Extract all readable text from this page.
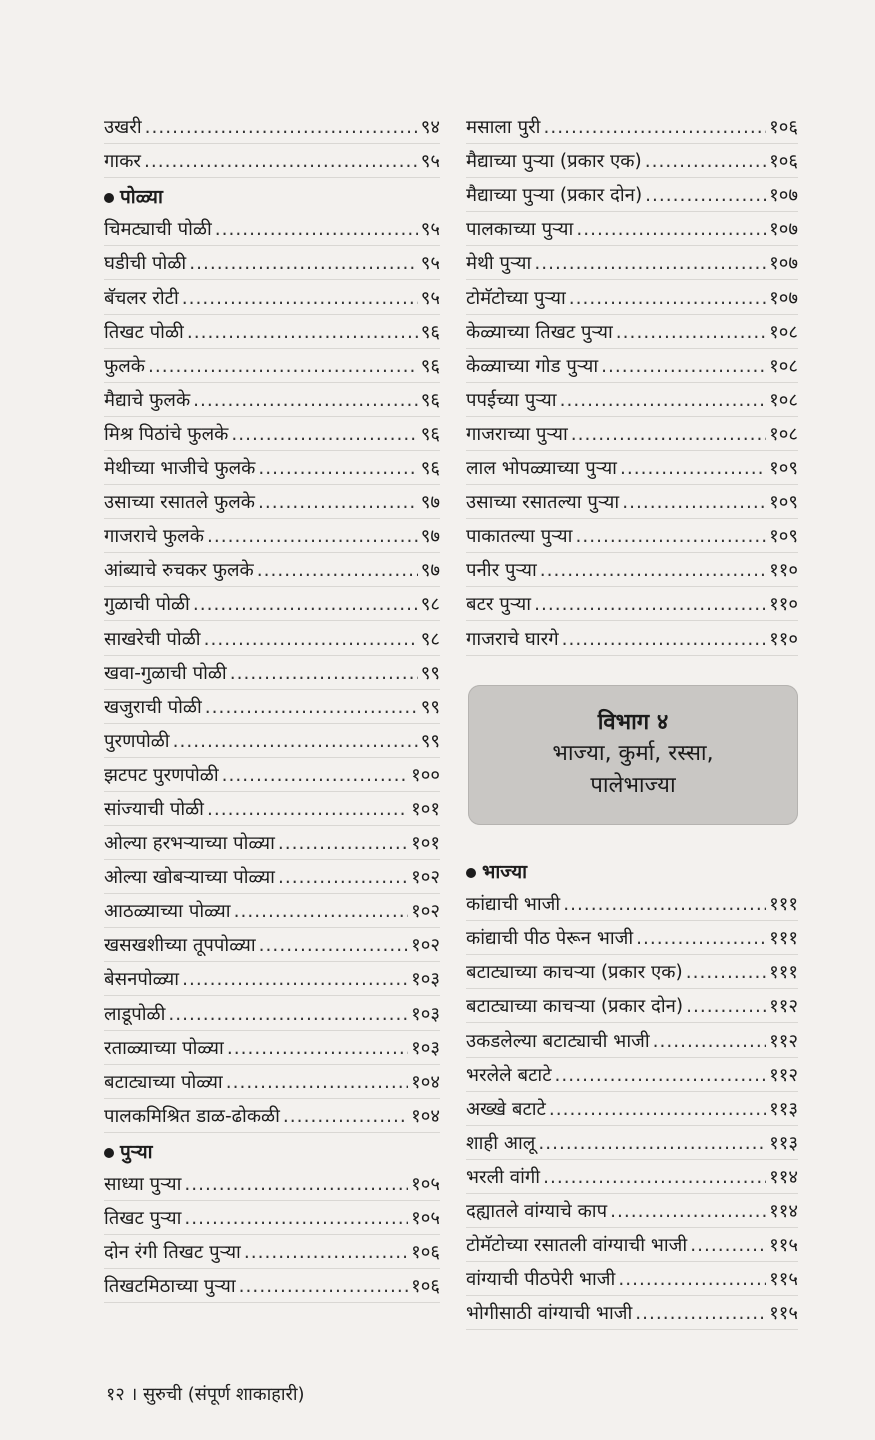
उखरी .....	९४
गाकर .....	९५
पोळ्या
चिमट्याची पोळी .....	९५
घडीची पोळी .....	९५
बॅचलर रोटी .....	९५
तिखट पोळी .....	९६
फुलके .....	९६
मैद्याचे फुलके .....	९६
मिश्र पिठांचे फुलके .....	९६
मेथीच्या भाजीचे फुलके .....	९६
उसाच्या रसातले फुलके .....	९७
गाजराचे फुलके .....	९७
आंब्याचे रुचकर फुलके .....	९७
गुळाची पोळी .....	९८
साखरेची पोळी .....	९८
खवा-गुळाची पोळी .....	९९
खजुराची पोळी .....	९९
पुरणपोळी .....	९९
झटपट पुरणपोळी .....	१००
सांज्याची पोळी .....	१०१
ओल्या हरभऱ्याच्या पोळ्या .....	१०१
ओल्या खोबऱ्याच्या पोळ्या .....	१०२
आठळ्याच्या पोळ्या .....	१०२
खसखशीच्या तूपपोळ्या .....	१०२
बेसनपोळ्या .....	१०३
लाडूपोळी .....	१०३
रताळ्याच्या पोळ्या .....	१०३
बटाट्याच्या पोळ्या .....	१०४
पालकमिश्रित डाळ-ढोकळी .....	१०४
पुऱ्या
साध्या पुऱ्या .....	१०५
तिखट पुऱ्या .....	१०५
दोन रंगी तिखट पुऱ्या .....	१०६
तिखटमिठाच्या पुऱ्या .....	१०६
मसाला पुरी .....	१०६
मैद्याच्या पुऱ्या (प्रकार एक) .....	१०६
मैद्याच्या पुऱ्या (प्रकार दोन) .....	१०७
पालकाच्या पुऱ्या .....	१०७
मेथी पुऱ्या .....	१०७
टोमॅटोच्या पुऱ्या .....	१०७
केळ्याच्या तिखट पुऱ्या .....	१०८
केळ्याच्या गोड पुऱ्या .....	१०८
पपईच्या पुऱ्या .....	१०८
गाजराच्या पुऱ्या .....	१०८
लाल भोपळ्याच्या पुऱ्या .....	१०९
उसाच्या रसातल्या पुऱ्या .....	१०९
पाकातल्या पुऱ्या .....	१०९
पनीर पुऱ्या .....	११०
बटर पुऱ्या .....	११०
गाजराचे घारगे .....	११०
विभाग ४
भाज्या, कुर्मा, रस्सा,
पालेभाज्या
भाज्या
कांद्याची भाजी .....	१११
कांद्याची पीठ पेरून भाजी .....	१११
बटाट्याच्या काचऱ्या (प्रकार एक) .....	१११
बटाट्याच्या काचऱ्या (प्रकार दोन) .....	११२
उकडलेल्या बटाट्याची भाजी .....	११२
भरलेले बटाटे .....	११२
अख्खे बटाटे .....	११३
शाही आलू .....	११३
भरली वांगी .....	११४
दह्यातले वांग्याचे काप .....	११४
टोमॅटोच्या रसातली वांग्याची भाजी .....	११५
वांग्याची पीठपेरी भाजी .....	११५
भोगीसाठी वांग्याची भाजी .....	११५
१२ । सुरुची (संपूर्ण शाकाहारी)
